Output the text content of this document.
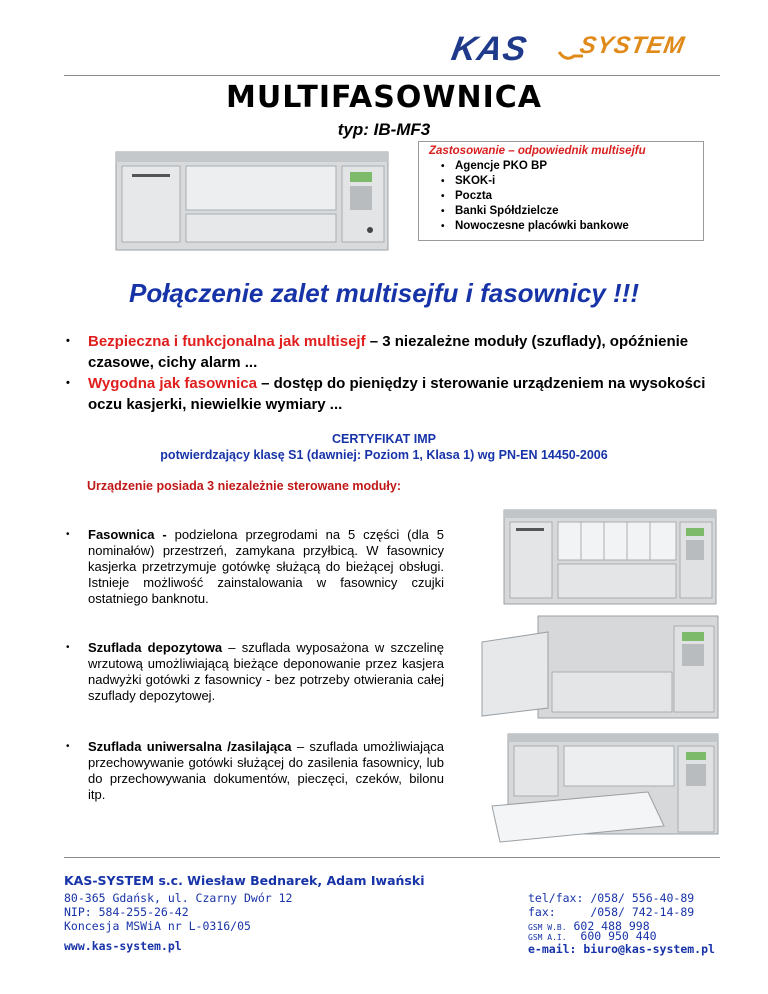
KAS SYSTEM
MULTIFASOWNICA
typ: IB-MF3
Zastosowanie – odpowiednik multisejfu
• Agencje PKO BP
• SKOK-i
• Poczta
• Banki Spółdzielcze
• Nowoczesne placówki bankowe
Połączenie zalet multisejfu i fasownicy !!!
• Bezpieczna i funkcjonalna jak multisejf – 3 niezależne moduły (szuflady), opóźnienie czasowe, cichy alarm ...
• Wygodna jak fasownica – dostęp do pieniędzy i sterowanie urządzeniem na wysokości oczu kasjerki, niewielkie wymiary ...
CERTYFIKAT IMP
potwierdzający klasę S1 (dawniej: Poziom 1, Klasa 1) wg PN-EN 14450-2006
Urządzenie posiada 3 niezależnie sterowane moduły:
• Fasownica - podzielona przegrodami na 5 części (dla 5 nominałów) przestrzeń, zamykana przyłbicą. W fasownicy kasjerka przetrzymuje gotówkę służącą do bieżącej obsługi. Istnieje możliwość zainstalowania w fasownicy czujki ostatniego banknotu.
• Szuflada depozytowa – szuflada wyposażona w szczelinę wrzutową umożliwiającą bieżące deponowanie przez kasjera nadwyżki gotówki z fasownicy - bez potrzeby otwierania całej szuflady depozytowej.
• Szuflada uniwersalna /zasilająca – szuflada umożliwiająca przechowywanie gotówki służącej do zasilenia fasownicy, lub do przechowywania dokumentów, pieczęci, czeków, bilonu itp.
KAS-SYSTEM s.c. Wiesław Bednarek, Adam Iwański
80-365 Gdańsk, ul. Czarny Dwór 12
NIP: 584-255-26-42
Koncesja MSWiA nr L-0316/05
www.kas-system.pl
tel/fax: /058/ 556-40-89
fax:	/058/ 742-14-89
GSM W.B. 602 488 998
GSM A.I. 600 950 440
e-mail: biuro@kas-system.pl
